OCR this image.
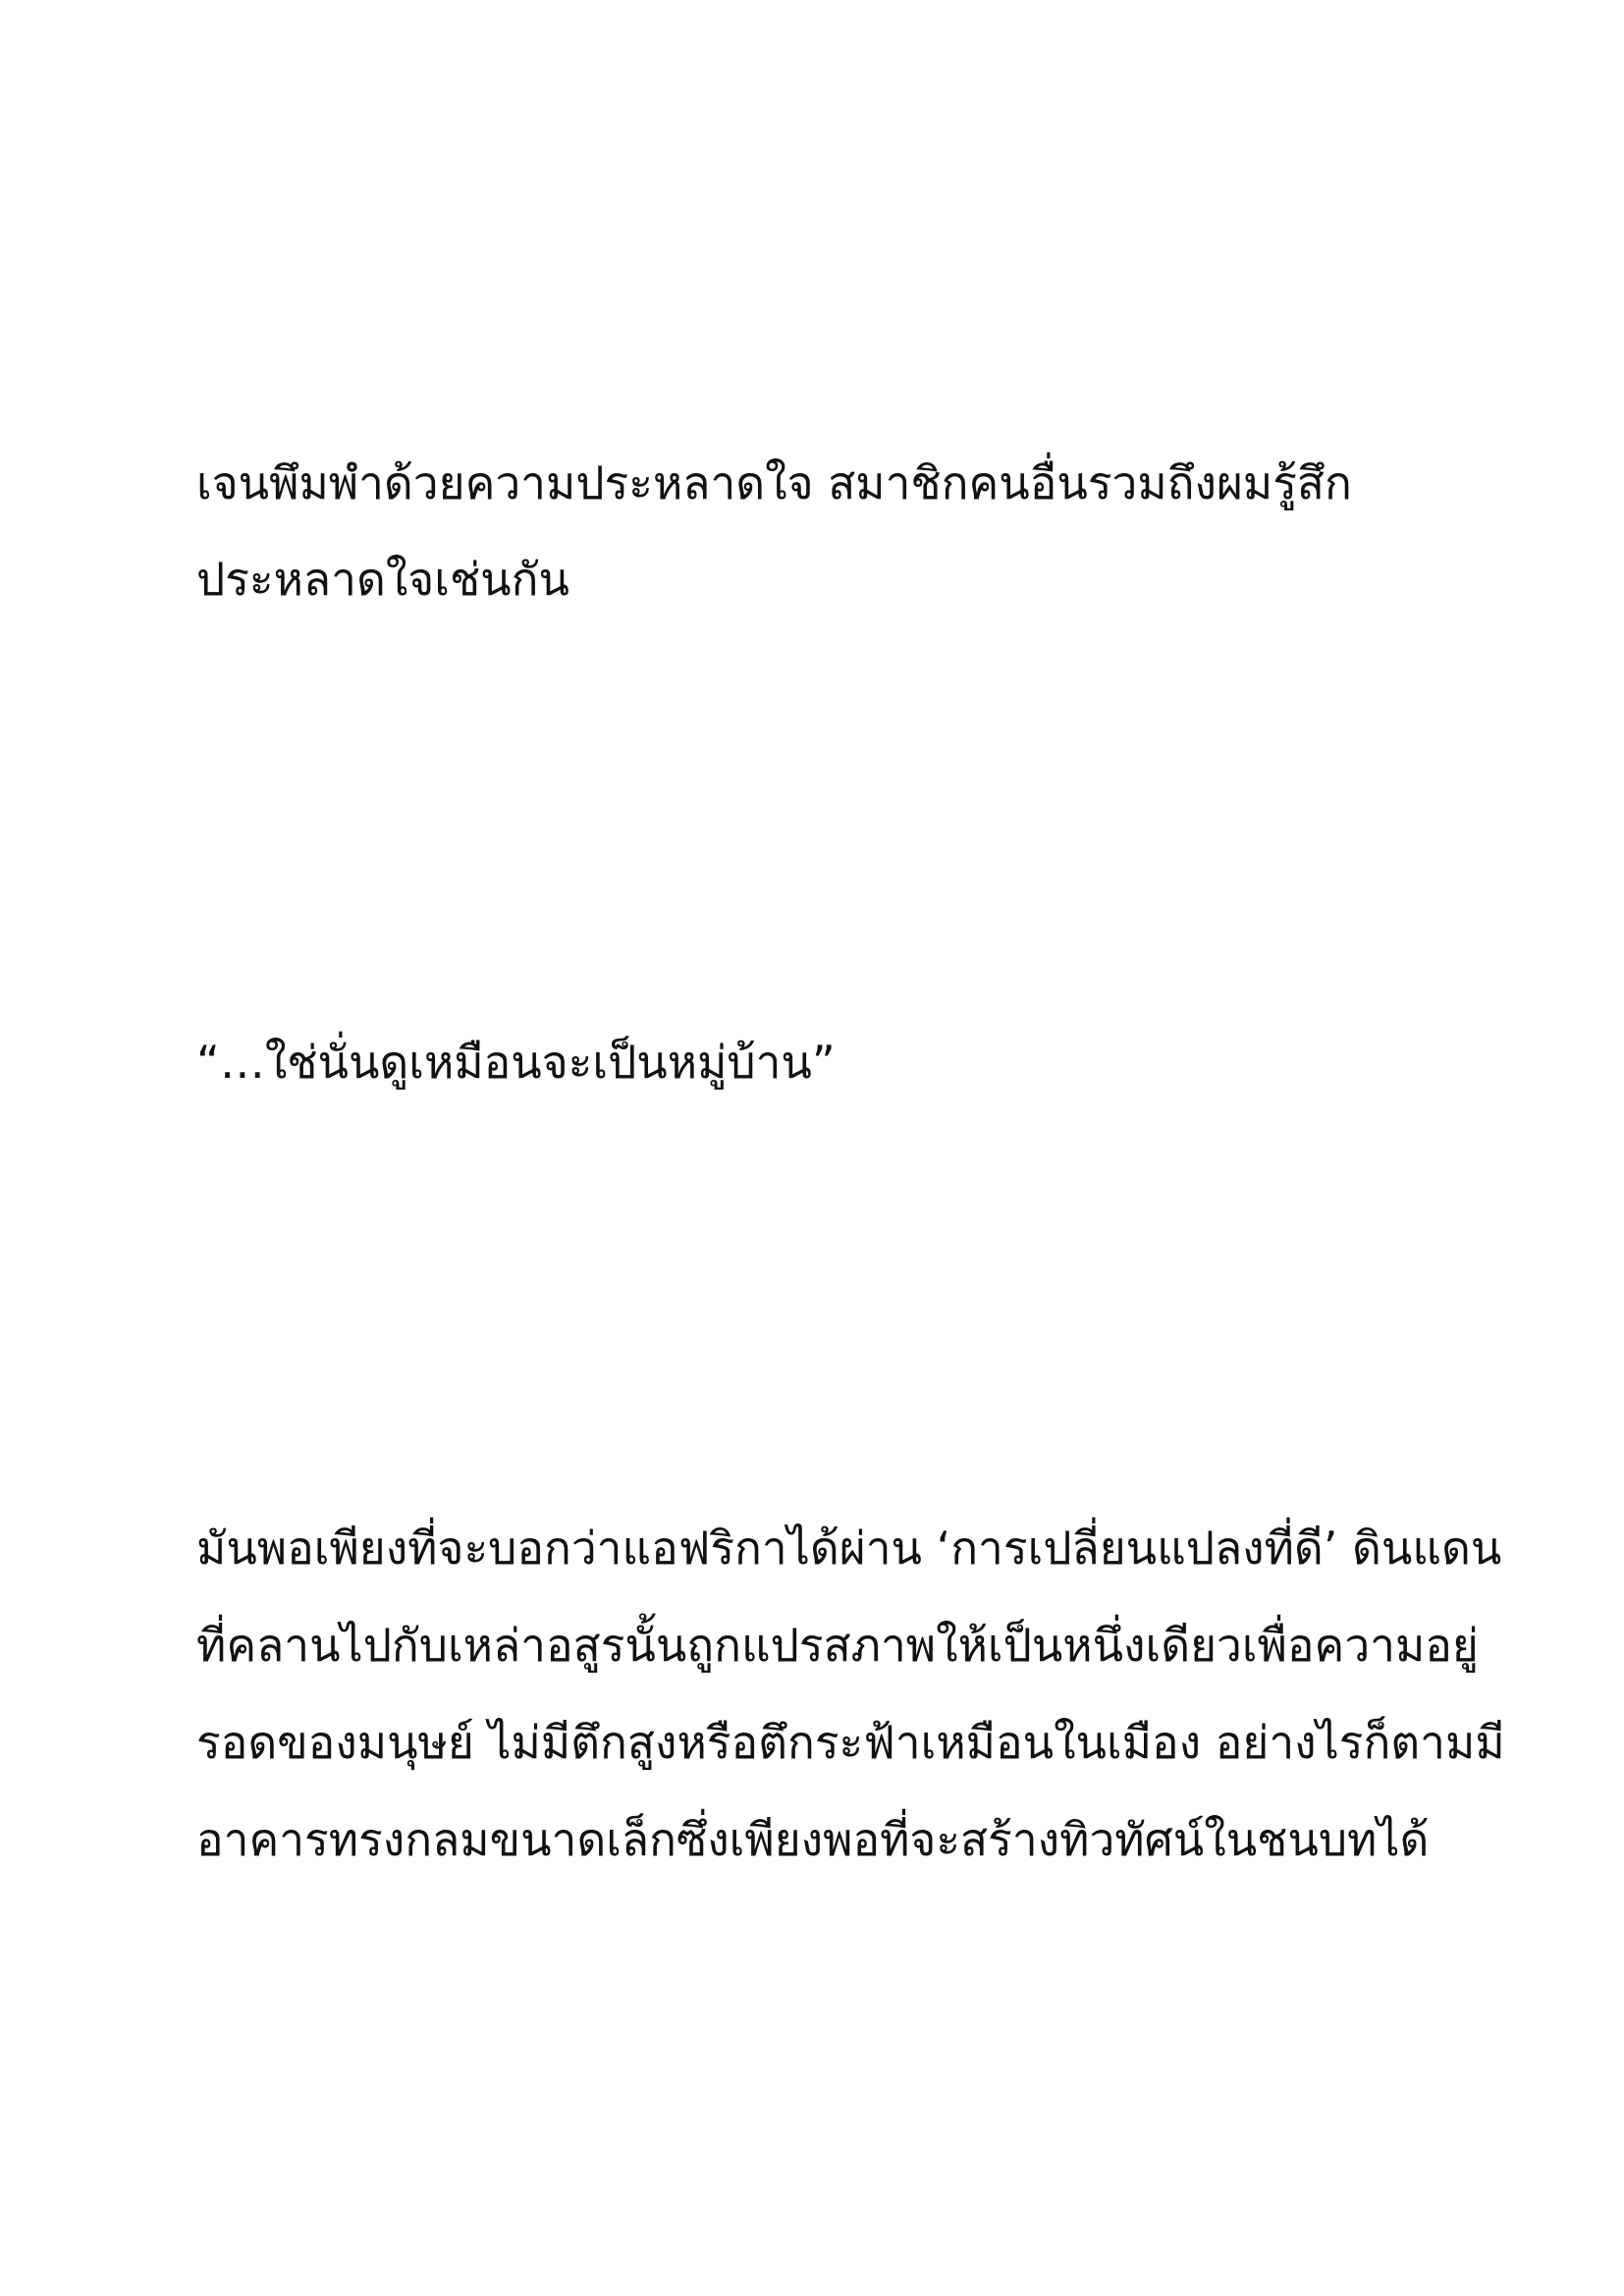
เจนพึมพำด้วยความประหลาดใจ สมาชิกคนอื่นรวมถึงผมรู้สึก
ประหลาดใจเช่นกัน
“…ใช่นั่นดูเหมือนจะเป็นหมู่บ้าน”
มันพอเพียงที่จะบอกว่าแอฟริกาได้ผ่าน ‘การเปลี่ยนแปลงที่ดี’ ดินแดน
ที่คลานไปกับเหล่าอสูรนั้นถูกแปรสภาพให้เป็นหนึ่งเดียวเพื่อความอยู่
รอดของมนุษย์ ไม่มีตึกสูงหรือตึกระฟ้าเหมือนในเมือง อย่างไรก็ตามมี
อาคารทรงกลมขนาดเล็กซึ่งเพียงพอที่จะสร้างทิวทัศน์ในชนบทได้
